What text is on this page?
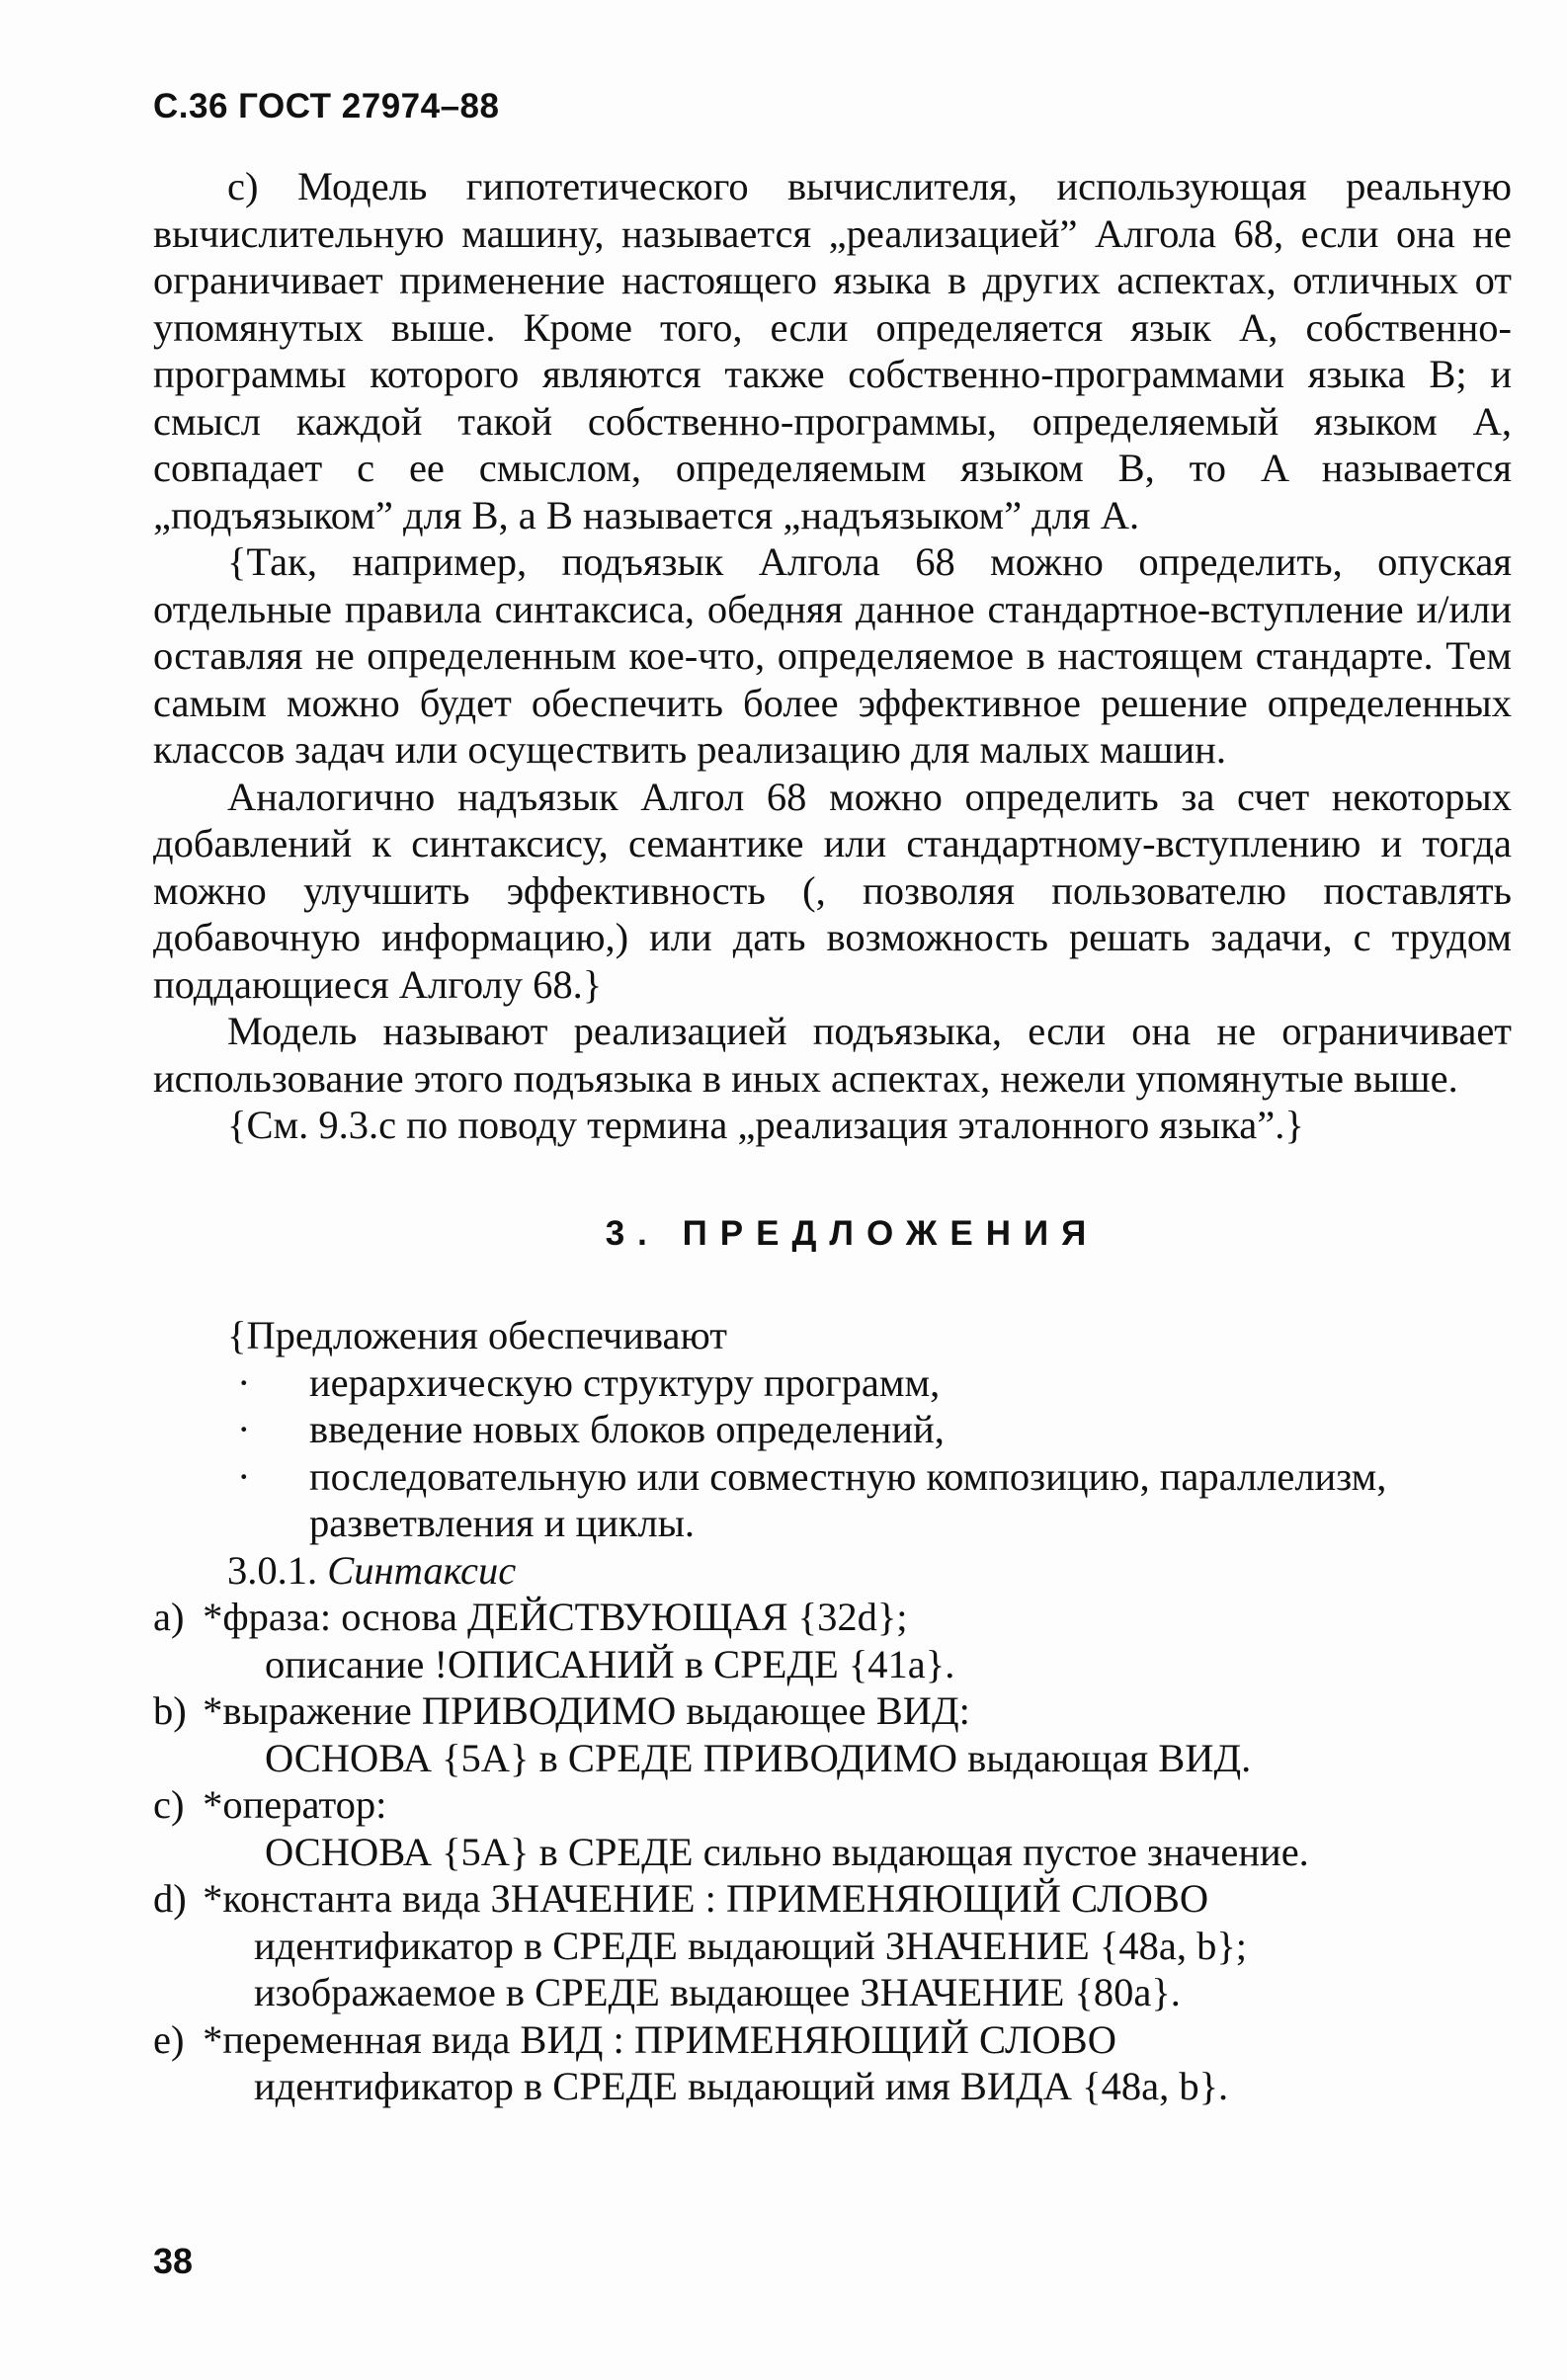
С.36 ГОСТ 27974–88

c) Модель гипотетического вычислителя, использующая реальную вычислительную машину, называется „реализацией” Алгола 68, если она не ограничивает применение настоящего языка в других аспектах, отличных от упомянутых выше. Кроме того, если определяется язык A, собственно-программы которого являются также собственно-программами языка B; и смысл каждой такой собственно-программы, определяемый языком A, совпадает с ее смыслом, определяемым языком B, то A называется „подъязыком” для B, а B называется „надъязыком” для A.

{Так, например, подъязык Алгола 68 можно определить, опуская отдельные правила синтаксиса, обедняя данное стандартное-вступление и/или оставляя не определенным кое-что, определяемое в настоящем стандарте. Тем самым можно будет обеспечить более эффективное решение определенных классов задач или осуществить реализацию для малых машин.

Аналогично надъязык Алгол 68 можно определить за счет некоторых добавлений к синтаксису, семантике или стандартному-вступлению и тогда можно улучшить эффективность (, позволяя пользователю поставлять добавочную информацию,) или дать возможность решать задачи, с трудом поддающиеся Алголу 68.}

Модель называют реализацией подъязыка, если она не ограничивает использование этого подъязыка в иных аспектах, нежели упомянутые выше.

{См. 9.3.c по поводу термина „реализация эталонного языка”.}

3. ПРЕДЛОЖЕНИЯ

{Предложения обеспечивают

· иерархическую структуру программ,
· введение новых блоков определений,
· последовательную или совместную композицию, параллелизм, разветвления и циклы.

3.0.1. Синтаксис

a) *фраза: основа ДЕЙСТВУЮЩАЯ {32d};
описание !ОПИСАНИЙ в СРЕДЕ {41a}.
b) *выражение ПРИВОДИМО выдающее ВИД:
ОСНОВА {5A} в СРЕДЕ ПРИВОДИМО выдающая ВИД.
c) *оператор:
ОСНОВА {5A} в СРЕДЕ сильно выдающая пустое значение.
d) *константа вида ЗНАЧЕНИЕ : ПРИМЕНЯЮЩИЙ СЛОВО
идентификатор в СРЕДЕ выдающий ЗНАЧЕНИЕ {48a, b};
изображаемое в СРЕДЕ выдающее ЗНАЧЕНИЕ {80a}.
e) *переменная вида ВИД : ПРИМЕНЯЮЩИЙ СЛОВО
идентификатор в СРЕДЕ выдающий имя ВИДА {48a, b}.
38
